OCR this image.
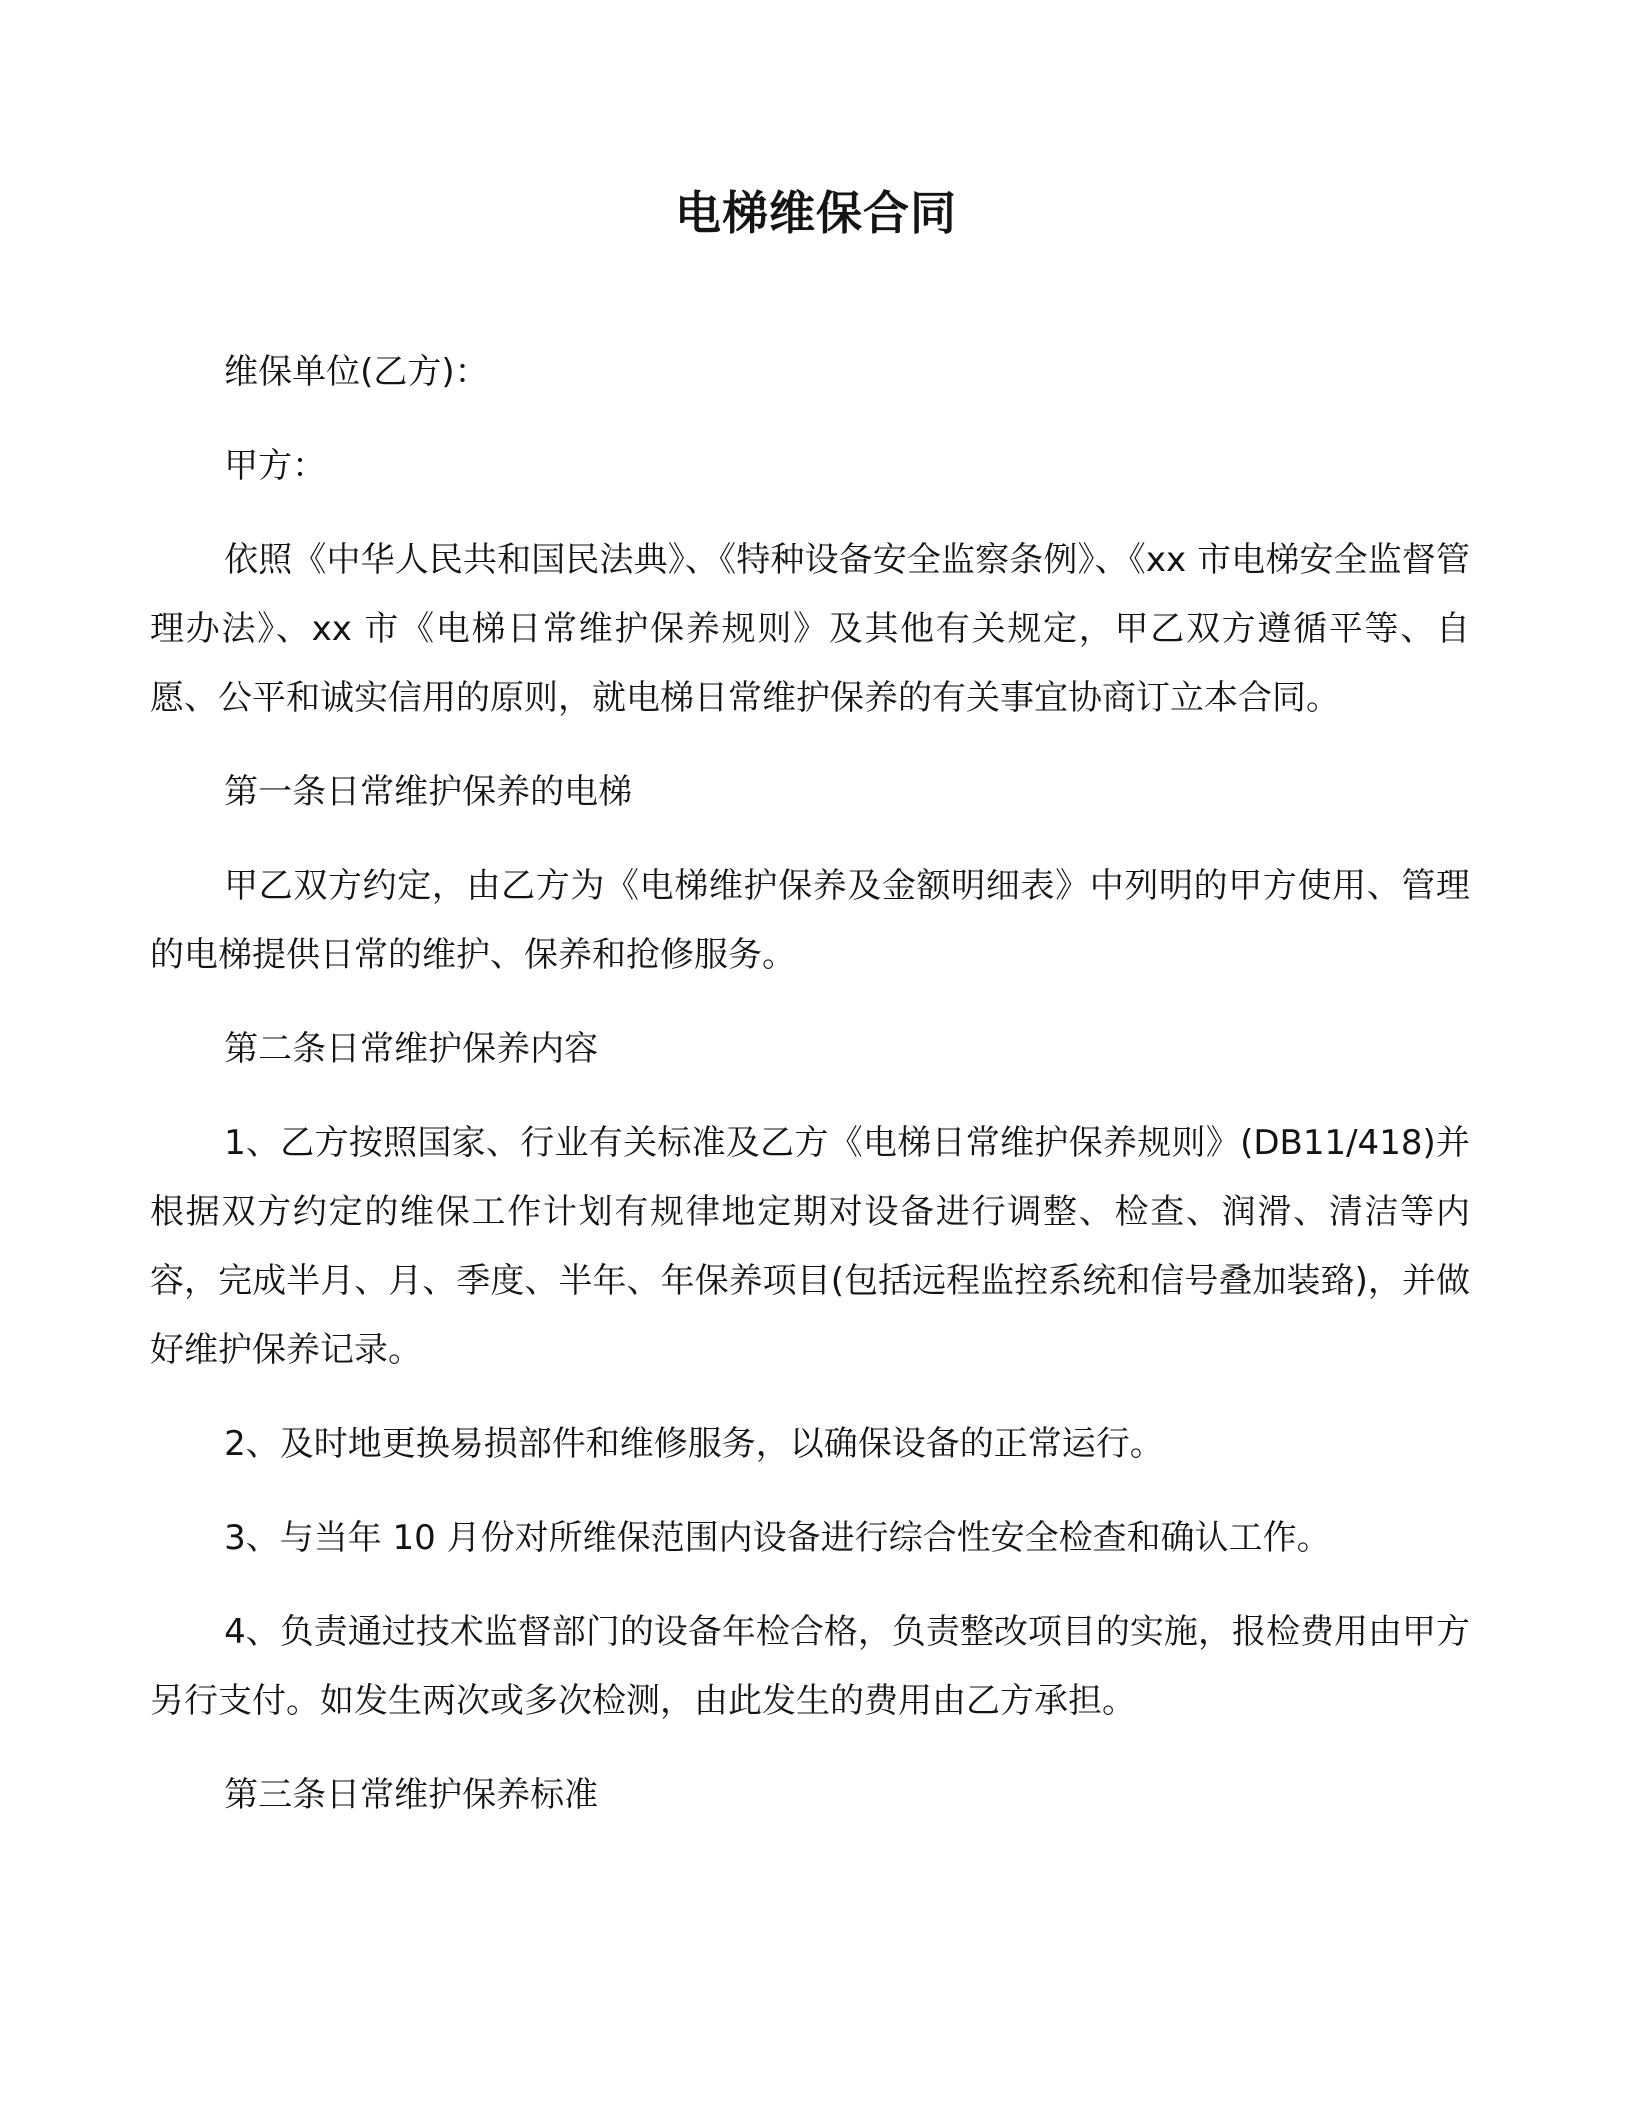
电梯维保合同

维保单位(乙方)：

甲方：

依照《中华人民共和国民法典》、《特种设备安全监察条例》、《xx 市电梯安全监督管理办法》、xx 市《电梯日常维护保养规则》及其他有关规定，甲乙双方遵循平等、自愿、公平和诚实信用的原则，就电梯日常维护保养的有关事宜协商订立本合同。

第一条日常维护保养的电梯

甲乙双方约定，由乙方为《电梯维护保养及金额明细表》中列明的甲方使用、管理的电梯提供日常的维护、保养和抢修服务。

第二条日常维护保养内容

1、乙方按照国家、行业有关标准及乙方《电梯日常维护保养规则》(DB11/418)并根据双方约定的维保工作计划有规律地定期对设备进行调整、检查、润滑、清洁等内容，完成半月、月、季度、半年、年保养项目(包括远程监控系统和信号叠加装臵)，并做好维护保养记录。

2、及时地更换易损部件和维修服务，以确保设备的正常运行。

3、与当年 10 月份对所维保范围内设备进行综合性安全检查和确认工作。

4、负责通过技术监督部门的设备年检合格，负责整改项目的实施，报检费用由甲方另行支付。如发生两次或多次检测，由此发生的费用由乙方承担。

第三条日常维护保养标准
